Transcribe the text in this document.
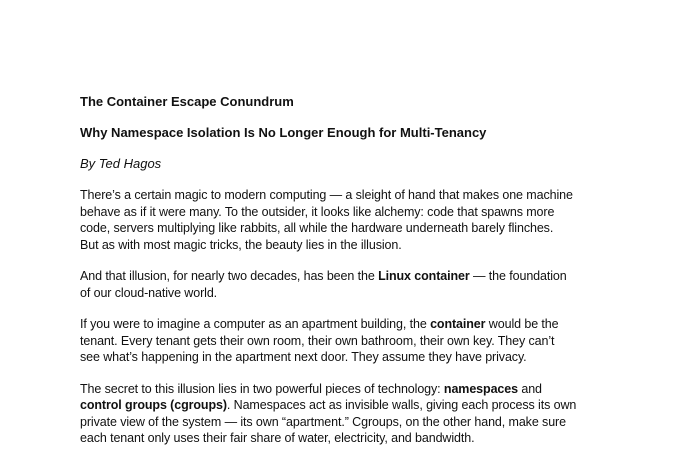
The Container Escape Conundrum
Why Namespace Isolation Is No Longer Enough for Multi-Tenancy
By Ted Hagos
There’s a certain magic to modern computing — a sleight of hand that makes one machine
behave as if it were many. To the outsider, it looks like alchemy: code that spawns more
code, servers multiplying like rabbits, all while the hardware underneath barely flinches.
But as with most magic tricks, the beauty lies in the illusion.
And that illusion, for nearly two decades, has been the Linux container — the foundation
of our cloud-native world.
If you were to imagine a computer as an apartment building, the container would be the
tenant. Every tenant gets their own room, their own bathroom, their own key. They can’t
see what’s happening in the apartment next door. They assume they have privacy.
The secret to this illusion lies in two powerful pieces of technology: namespaces and
control groups (cgroups). Namespaces act as invisible walls, giving each process its own
private view of the system — its own “apartment.” Cgroups, on the other hand, make sure
each tenant only uses their fair share of water, electricity, and bandwidth.
